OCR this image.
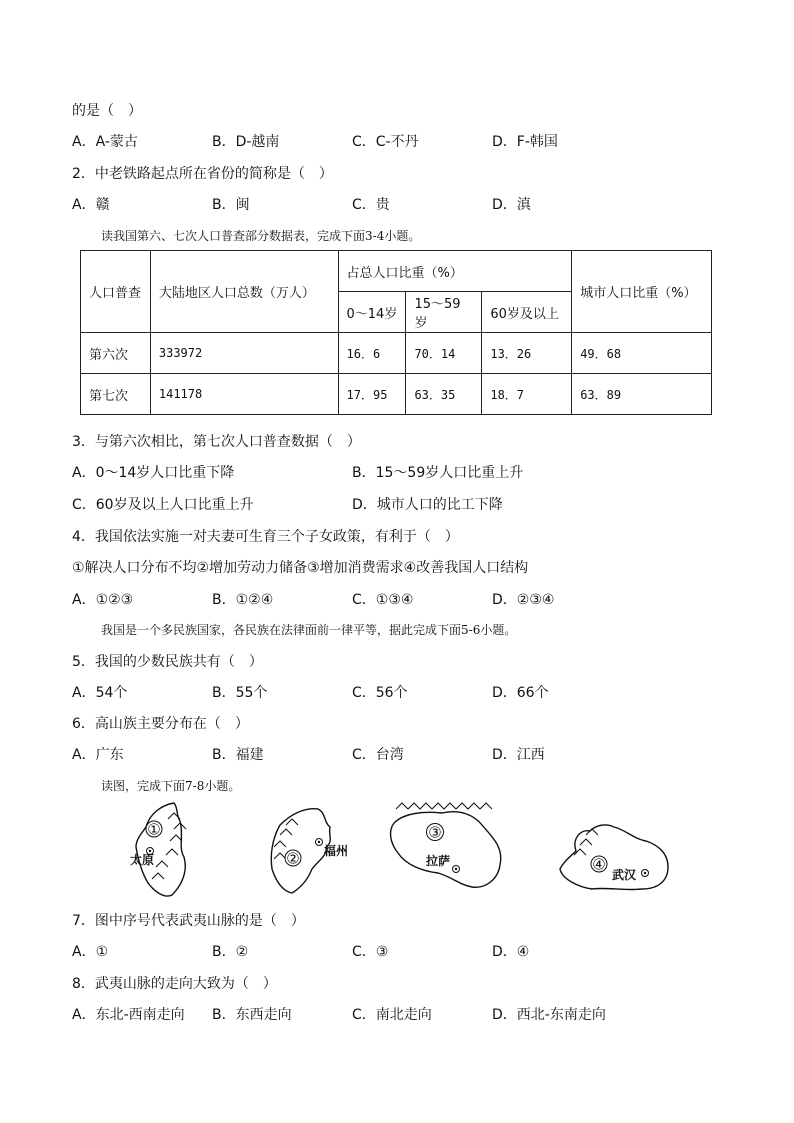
的是（　）
A．A-蒙古	B．D-越南	C．C-不丹	D．F-韩国
2．中老铁路起点所在省份的简称是（　）
A．赣	B．闽	C．贵	D．滇
读我国第六、七次人口普查部分数据表，完成下面3-4小题。
人口普查	大陆地区人口总数（万人）	占总人口比重（%）			城市人口比重（%）
		0～14岁	15～59岁	60岁及以上	
第六次	333972	16．6	70．14	13．26	49．68
第七次	141178	17．95	63．35	18．7	63．89
3．与第六次相比，第七次人口普查数据（　）
A．0～14岁人口比重下降	B．15～59岁人口比重上升
C．60岁及以上人口比重上升	D．城市人口的比工下降
4．我国依法实施一对夫妻可生育三个子女政策，有利于（　）
①解决人口分布不均②增加劳动力储备③增加消费需求④改善我国人口结构
A．①②③	B．①②④	C．①③④	D．②③④
我国是一个多民族国家，各民族在法律面前一律平等，据此完成下面5-6小题。
5．我国的少数民族共有（　）
A．54个	B．55个	C．56个	D．66个
6．高山族主要分布在（　）
A．广东	B．福建	C．台湾	D．江西
读图，完成下面7-8小题。
①
太原	② 福州
③
拉萨	④
武汉
7．图中序号代表武夷山脉的是（　）
A．①	B．②	C．③	D．④
8．武夷山脉的走向大致为（　）
A．东北-西南走向 B．东西走向	C．南北走向	D．西北-东南走向
